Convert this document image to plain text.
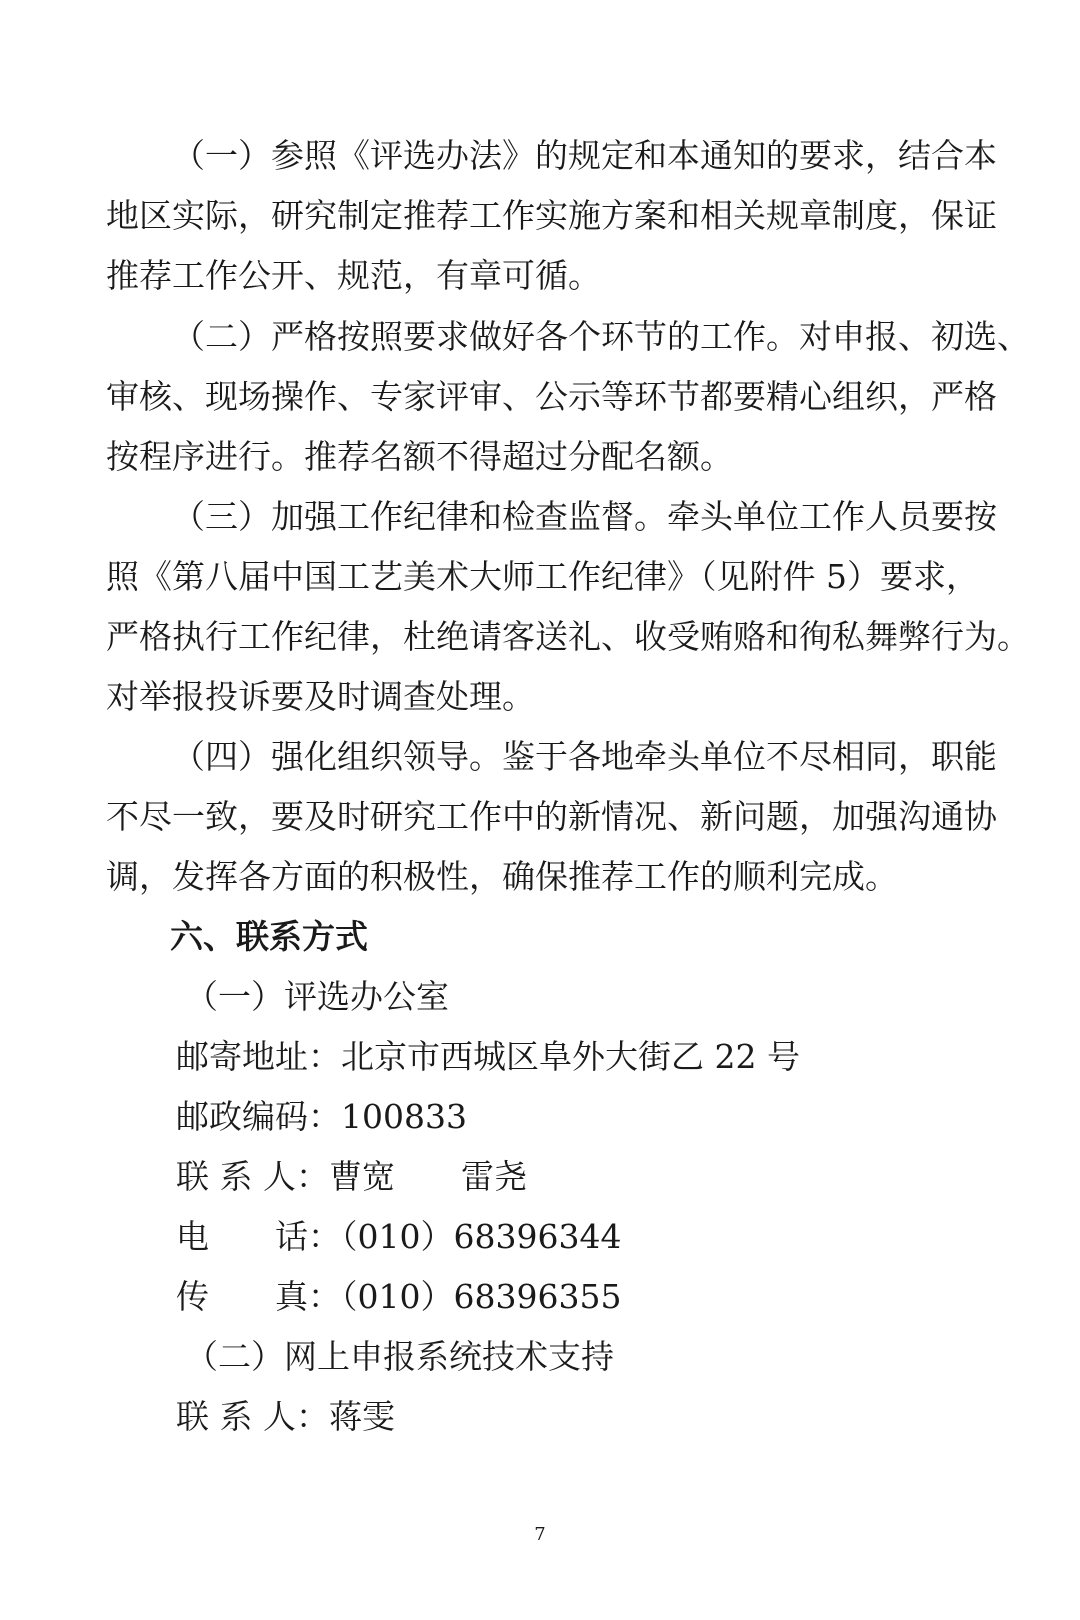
（一）参照《评选办法》的规定和本通知的要求，结合本
地区实际，研究制定推荐工作实施方案和相关规章制度，保证
推荐工作公开、规范，有章可循。
（二）严格按照要求做好各个环节的工作。对申报、初选、
审核、现场操作、专家评审、公示等环节都要精心组织，严格
按程序进行。推荐名额不得超过分配名额。
（三）加强工作纪律和检查监督。牵头单位工作人员要按
照《第八届中国工艺美术大师工作纪律》（见附件 5）要求，
严格执行工作纪律，杜绝请客送礼、收受贿赂和徇私舞弊行为。
对举报投诉要及时调查处理。
（四）强化组织领导。鉴于各地牵头单位不尽相同，职能
不尽一致，要及时研究工作中的新情况、新问题，加强沟通协
调，发挥各方面的积极性，确保推荐工作的顺利完成。
六、联系方式
（一）评选办公室
邮寄地址：北京市西城区阜外大街乙 22 号
邮政编码：100833
联 系 人：曹宽　　雷尧
电　　话：（010）68396344
传　　真：（010）68396355
（二）网上申报系统技术支持
联 系 人：蒋雯
7
